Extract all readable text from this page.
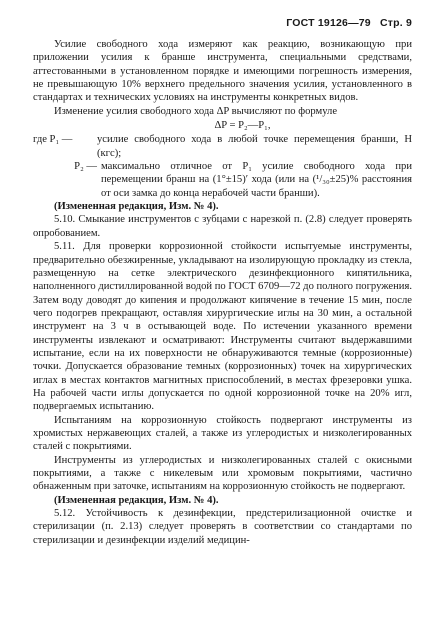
ГОСТ 19126—79 Стр. 9

Усилие свободного хода измеряют как реакцию, возникающую при приложении усилия к браншe инструмента, специальными средствами, аттестованными в установленном порядке и имеющими погрешность измерения, не превышающую 10% верхнего предельного значения усилия, установленного в стандартах и технических условиях на инструменты конкретных видов.

Изменение усилия свободного хода ΔP вычисляют по формуле

ΔP = P₂—P₁,

где P₁ —	усилие свободного хода в любой точке перемещения бранши, Н (кгс);
P₂ — максимально отличное от P₁ усилие свободного хода при перемещении бранш на (1°±15)′ хода (или на (¹/₃₀±25)% расстояния от оси замка до конца нерабочей части бранши).

(Измененная редакция, Изм. № 4).

5.10. Смыкание инструментов с зубцами с нарезкой п. (2.8) следует проверять опробованием.

5.11. Для проверки коррозионной стойкости испытуемые инструменты, предварительно обезжиренные, укладывают на изолирующую прокладку из стекла, размещенную на сетке электрического дезинфекционного кипятильника, наполненного дистиллированной водой по ГОСТ 6709—72 до полного погружения. Затем воду доводят до кипения и продолжают кипячение в течение 15 мин, после чего подогрев прекращают, оставляя хирургические иглы на 30 мин, а остальной инструмент на 3 ч в остывающей воде. По истечении указанного времени инструменты извлекают и осматривают: Инструменты считают выдержавшими испытание, если на их поверхности не обнаруживаются темные (коррозионные) точки. Допускается образование темных (коррозионных) точек на хирургических иглах в местах контактов магнитных приспособлений, в местах фрезеровки ушка. На рабочей части иглы допускается по одной коррозионной точке на 20% игл, подвергаемых испытанию.

Испытаниям на коррозионную стойкость подвергают инструменты из хромистых нержавеющих сталей, а также из углеродистых и низколегированных сталей с покрытиями.

Инструменты из углеродистых и низколегированных сталей с окисными покрытиями, а также с никелевым или хромовым покрытиями, частично обнаженным при заточке, испытаниям на коррозионную стойкость не подвергают.

(Измененная редакция, Изм. № 4).

5.12. Устойчивость к дезинфекции, предстерилизационной очистке и стерилизации (п. 2.13) следует проверять в соответствии со стандартами по стерилизации и дезинфекции изделий медицин-
